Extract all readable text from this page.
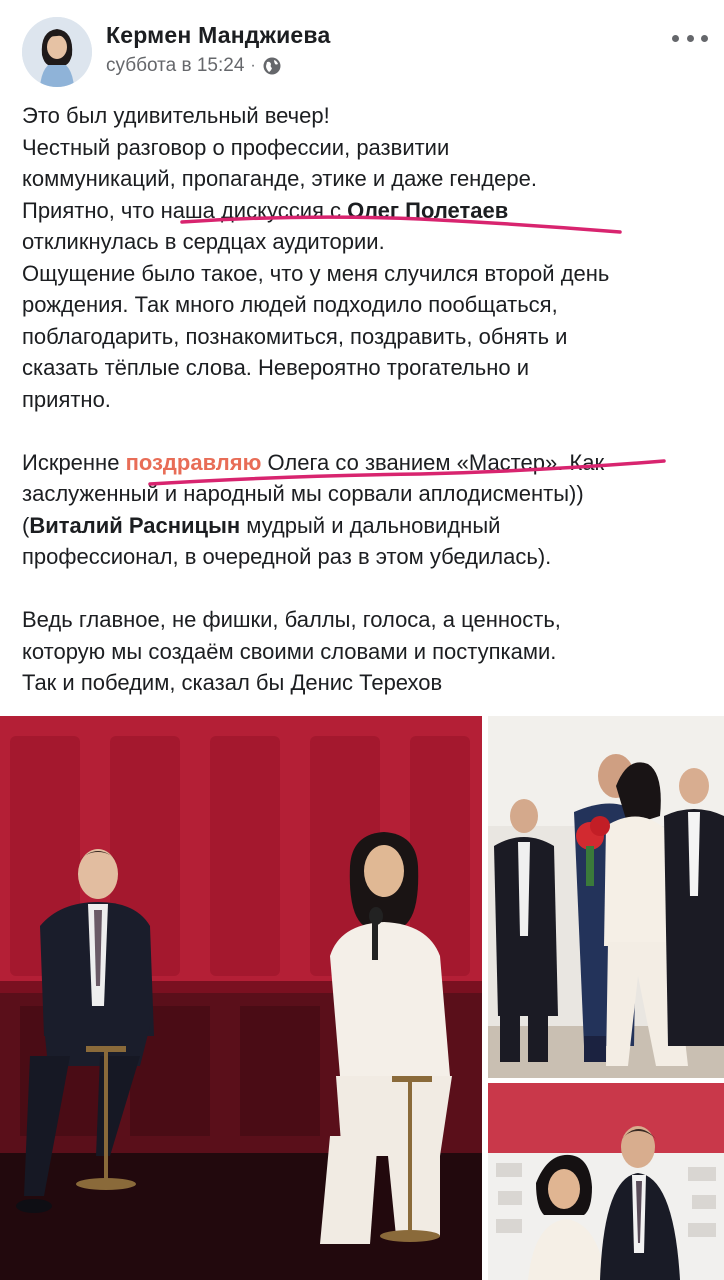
Кермен Манджиева
суббота в 15:24 ·

Это был удивительный вечер!

Честный разговор о профессии, развитии

коммуникаций, пропаганде, этике и даже гендере.

Приятно, что наша дискуссия с Олег Полетаев

откликнулась в сердцах аудитории.

Ощущение было такое, что у меня случился второй день

рождения. Так много людей подходило пообщаться,

поблагодарить, познакомиться, поздравить, обнять и

сказать тёплые слова. Невероятно трогательно и

приятно.

Искренне поздравляю Олега со званием «Мастер». Как

заслуженный и народный мы сорвали аплодисменты))

(Виталий Расницын мудрый и дальновидный

профессионал, в очередной раз в этом убедилась).

Ведь главное, не фишки, баллы, голоса, а ценность,

которую мы создаём своими словами и поступками.

Так и победим, сказал бы Денис Терехов
